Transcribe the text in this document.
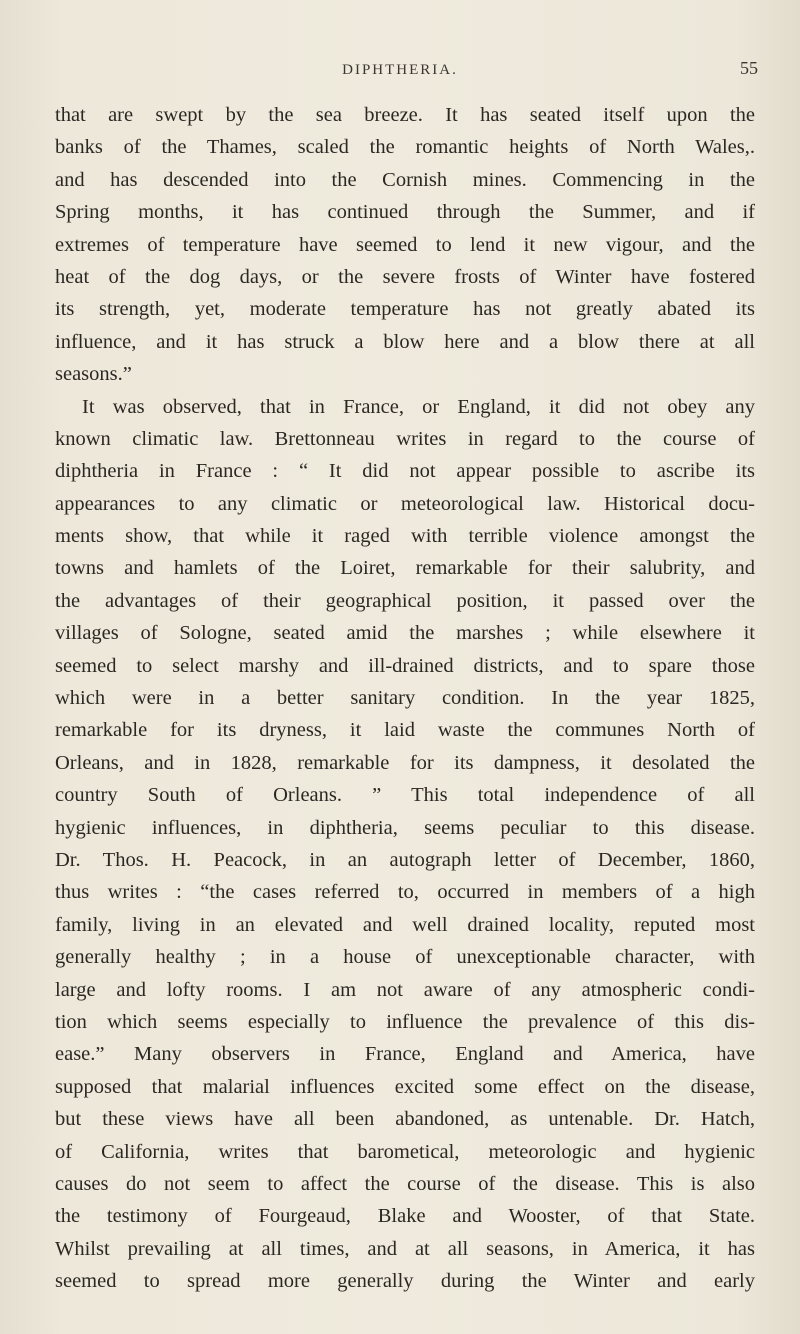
DIPHTHERIA.	55
that are swept by the sea breeze. It has seated itself upon the
banks of the Thames, scaled the romantic heights of North Wales,.
and has descended into the Cornish mines. Commencing in the
Spring months, it has continued through the Summer, and if
extremes of temperature have seemed to lend it new vigour, and the
heat of the dog days, or the severe frosts of Winter have fostered
its strength, yet, moderate temperature has not greatly abated its
influence, and it has struck a blow here and a blow there at all
seasons.”
It was observed, that in France, or England, it did not obey any
known climatic law. Brettonneau writes in regard to the course of
diphtheria in France : “ It did not appear possible to ascribe its
appearances to any climatic or meteorological law. Historical docu-
ments show, that while it raged with terrible violence amongst the
towns and hamlets of the Loiret, remarkable for their salubrity, and
the advantages of their geographical position, it passed over the
villages of Sologne, seated amid the marshes ; while elsewhere it
seemed to select marshy and ill-drained districts, and to spare those
which were in a better sanitary condition. In the year 1825,
remarkable for its dryness, it laid waste the communes North of
Orleans, and in 1828, remarkable for its dampness, it desolated the
country South of Orleans. ” This total independence of all
hygienic influences, in diphtheria, seems peculiar to this disease.
Dr. Thos. H. Peacock, in an autograph letter of December, 1860,
thus writes : “the cases referred to, occurred in members of a high
family, living in an elevated and well drained locality, reputed most
generally healthy ; in a house of unexceptionable character, with
large and lofty rooms. I am not aware of any atmospheric condi-
tion which seems especially to influence the prevalence of this dis-
ease.” Many observers in France, England and America, have
supposed that malarial influences excited some effect on the disease,
but these views have all been abandoned, as untenable. Dr. Hatch,
of California, writes that barometical, meteorologic and hygienic
causes do not seem to affect the course of the disease. This is also
the testimony of Fourgeaud, Blake and Wooster, of that State.
Whilst prevailing at all times, and at all seasons, in America, it has
seemed to spread more generally during the Winter and early
